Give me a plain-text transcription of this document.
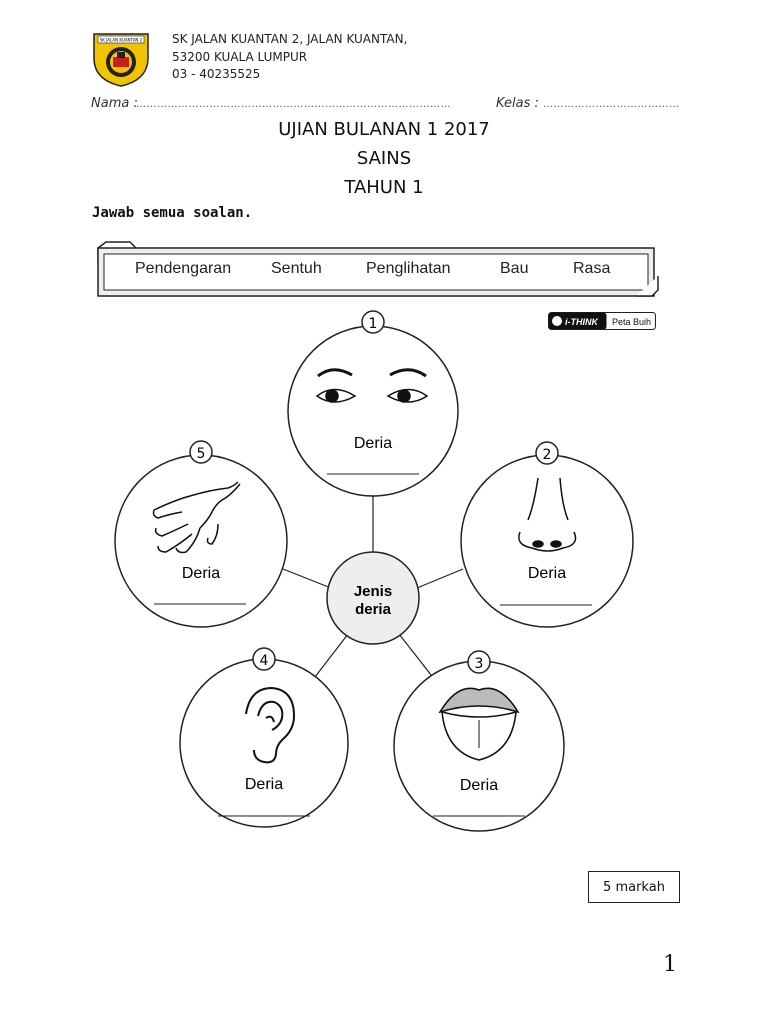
SK JALAN KUANTAN 2 SK JALAN KUANTAN 2, JALAN KUANTAN,
53200 KUALA LUMPUR
03 - 40235525
Nama :
………………………………………………………………………………	Kelas : …………………………………
UJIAN BULANAN 1 2017
SAINS
TAHUN 1
Jawab semua soalan.
Pendengaran Sentuh	Penglihatan	Bau	Rasa
i-THINK Peta Buih
Jenis
deria
1
Deria
2
Deria
3
Deria
4
Deria
5
Deria
5 markah
1
